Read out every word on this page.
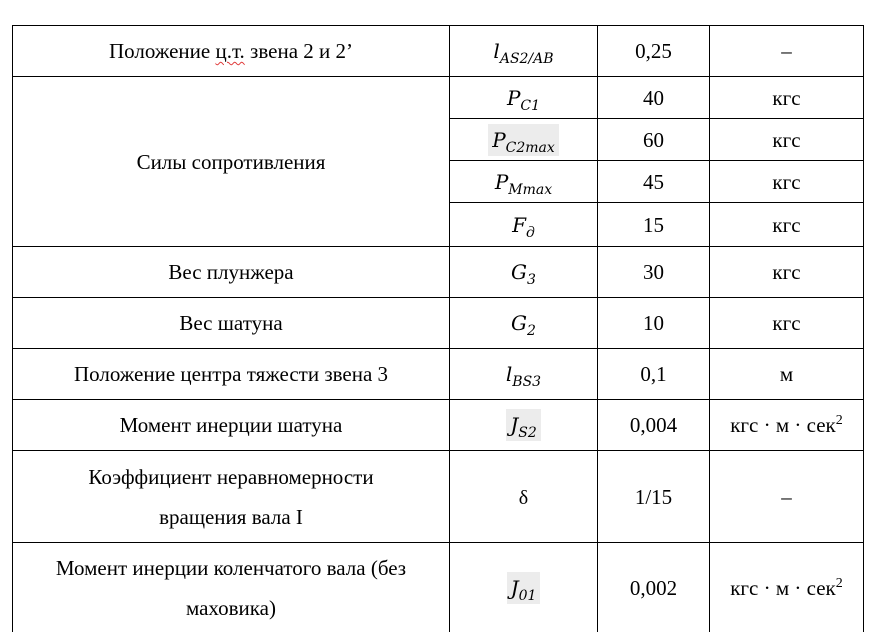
Положение ц.т. звена 2 и 2’	$l_{AS2/AB}$	0,25	–
Силы сопротивления	$P_{C1}$	40	кгс
	$P_{C2max}$	60	кгс
	$P_{Mmax}$	45	кгс
	$F_д$	15	кгс
Вес плунжера	$G_3$	30	кгс
Вес шатуна	$G_2$	10	кгс
Положение центра тяжести звена 3	$l_{BS3}$	0,1	м
Момент инерции шатуна	$J_{S2}$	0,004	кгс · м · сек$^2$
Коэффициент неравномерности
вращения вала I	δ	1/15	–
Момент инерции коленчатого вала (без
маховика)	$J_{01}$	0,002	кгс · м · сек$^2$
